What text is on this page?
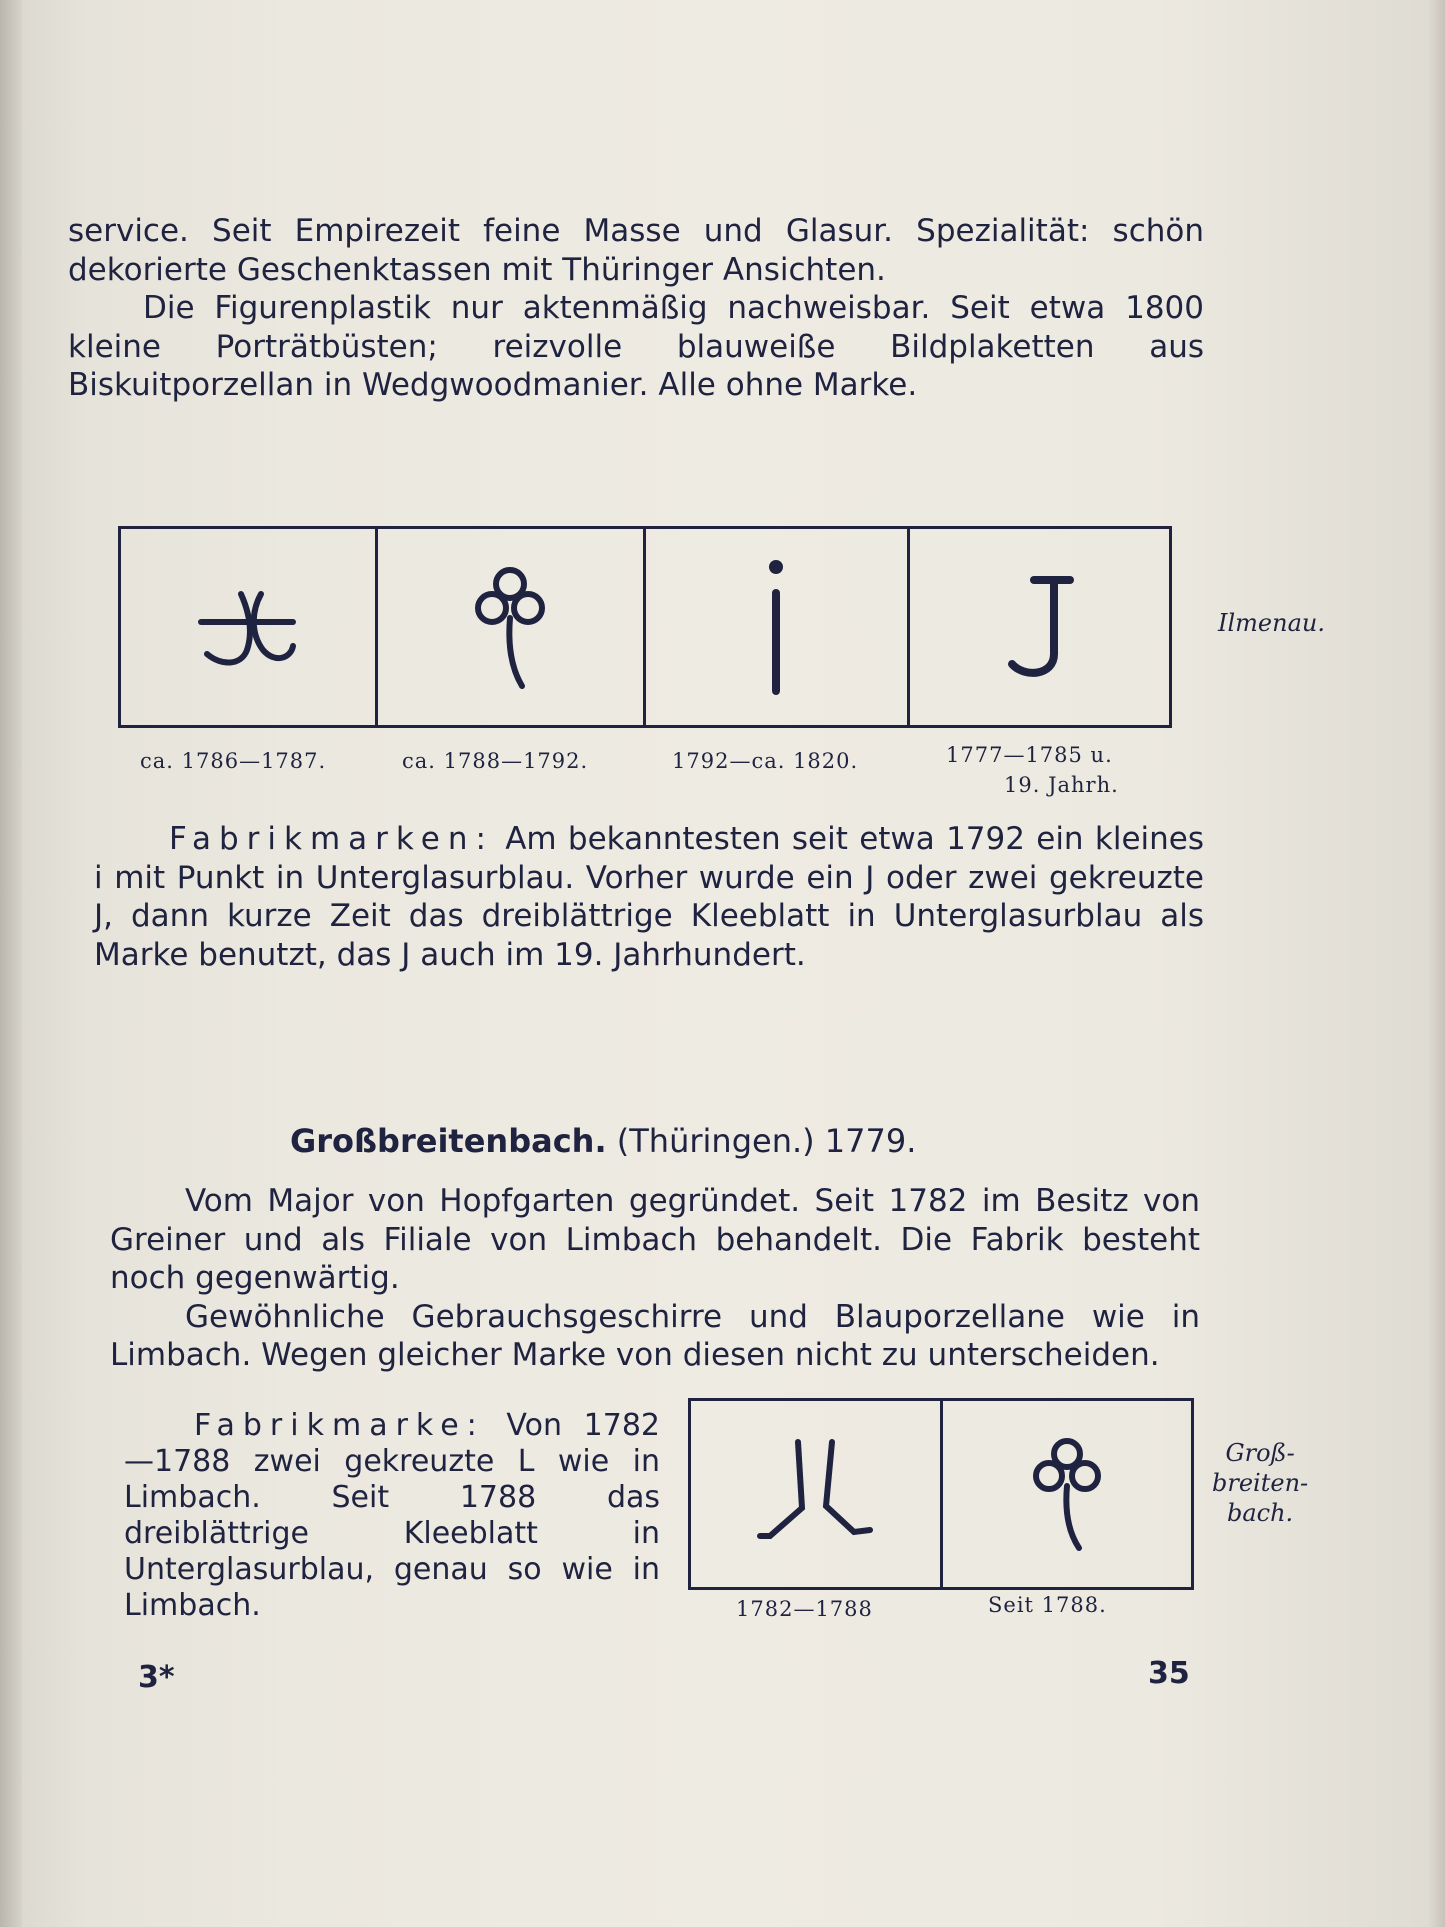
service. Seit Empirezeit feine Masse und Glasur. Spezialität: schön dekorierte Geschenktassen mit Thüringer Ansichten.

Die Figurenplastik nur aktenmäßig nachweisbar. Seit etwa 1800 kleine Porträtbüsten; reizvolle blauweiße Bildplaketten aus Biskuitporzellan in Wedgwoodmanier. Alle ohne Marke.

Ilmenau.
ca. 1786—1787.	ca. 1788—1792.	1792—ca. 1820.	1777—1785 u.
19. Jahrh.

Fabrikmarken: Am bekanntesten seit etwa 1792 ein kleines i mit Punkt in Unterglasurblau. Vorher wurde ein J oder zwei gekreuzte J, dann kurze Zeit das dreiblättrige Kleeblatt in Unterglasurblau als Marke benutzt, das J auch im 19. Jahrhundert.

Großbreitenbach. (Thüringen.) 1779.

Vom Major von Hopfgarten gegründet. Seit 1782 im Besitz von Greiner und als Filiale von Limbach behandelt. Die Fabrik besteht noch gegenwärtig.

Gewöhnliche Gebrauchsgeschirre und Blauporzellane wie in Limbach. Wegen gleicher Marke von diesen nicht zu unterscheiden.

Fabrikmarke: Von 1782—1788 zwei gekreuzte L wie in Limbach. Seit 1788 das dreiblättrige Kleeblatt in Unterglasurblau, genau so wie in Limbach.

Groß-
breiten-
bach.
1782—1788	Seit 1788.
3*	35
